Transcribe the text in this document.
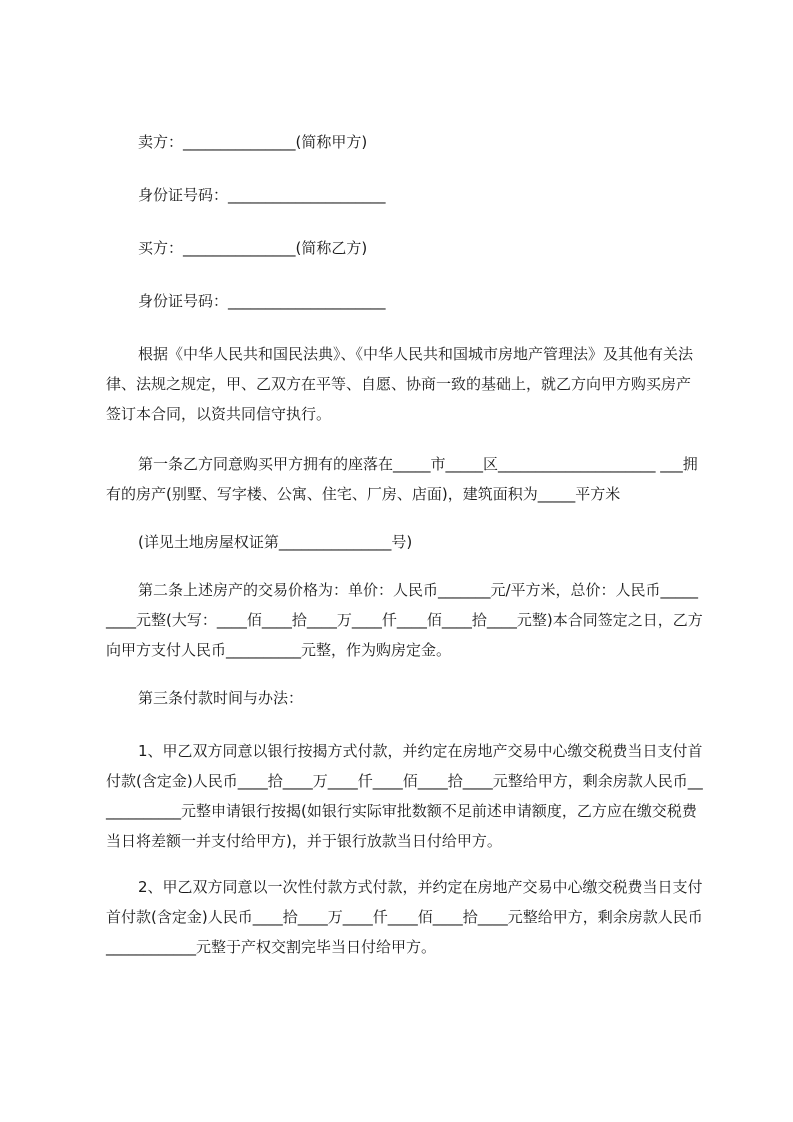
卖方：_______________(简称甲方)

身份证号码：_____________________

买方：_______________(简称乙方)

身份证号码：_____________________

根据《中华人民共和国民法典》、《中华人民共和国城市房地产管理法》及其他有关法律、法规之规定，甲、乙双方在平等、自愿、协商一致的基础上，就乙方向甲方购买房产签订本合同，以资共同信守执行。

第一条乙方同意购买甲方拥有的座落在_____市_____区_____________________ ___拥有的房产(别墅、写字楼、公寓、住宅、厂房、店面)，建筑面积为_____平方米

(详见土地房屋权证第_______________号)

第二条上述房产的交易价格为：单价：人民币_______元/平方米，总价：人民币_________元整(大写：____佰____拾____万____仟____佰____拾____元整)本合同签定之日，乙方向甲方支付人民币__________元整，作为购房定金。

第三条付款时间与办法：

1、甲乙双方同意以银行按揭方式付款，并约定在房地产交易中心缴交税费当日支付首付款(含定金)人民币____拾____万____仟____佰____拾____元整给甲方，剩余房款人民币____________元整申请银行按揭(如银行实际审批数额不足前述申请额度，乙方应在缴交税费当日将差额一并支付给甲方)，并于银行放款当日付给甲方。

2、甲乙双方同意以一次性付款方式付款，并约定在房地产交易中心缴交税费当日支付首付款(含定金)人民币____拾____万____仟____佰____拾____元整给甲方，剩余房款人民币____________元整于产权交割完毕当日付给甲方。
